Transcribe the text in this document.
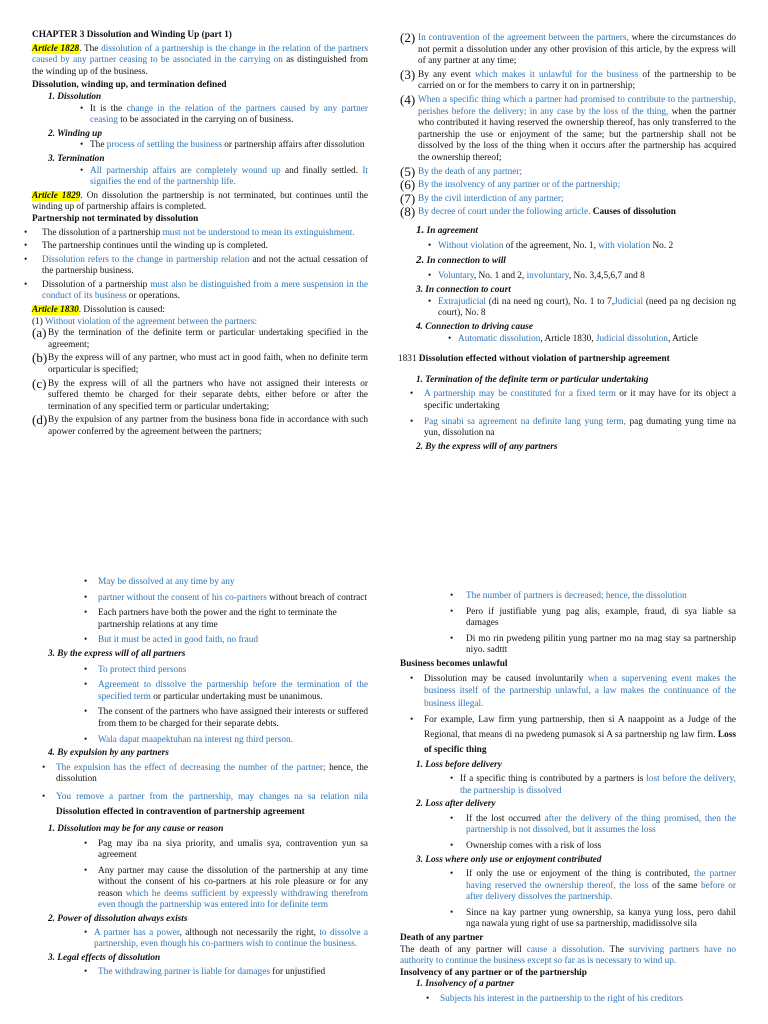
CHAPTER 3 Dissolution and Winding Up (part 1)

Article 1828. The dissolution of a partnership is the change in the relation of the partners caused by any partner ceasing to be associated in the carrying on as distinguished from the winding up of the business.

Dissolution, winding up, and termination defined

1. Dissolution

• It is the change in the relation of the partners caused by any partner ceasing to be associated in the carrying on of business.

2. Winding up

• The process of settling the business or partnership affairs after dissolution

3. Termination

• All partnership affairs are completely wound up and finally settled. It signifies the end of the partnership life.

Article 1829. On dissolution the partnership is not terminated, but continues until the winding up of partnership affairs is completed.

Partnership not terminated by dissolution

• The dissolution of a partnership must not be understood to mean its extinguishment.

• The partnership continues until the winding up is completed.

• Dissolution refers to the change in partnership relation and not the actual cessation of the partnership business.

• Dissolution of a partnership must also be distinguished from a mere suspension in the conduct of its business or operations.

Article 1830. Dissolution is caused:

(1) Without violation of the agreement between the partners:

(a) By the termination of the definite term or particular undertaking specified in the agreement;

(b) By the express will of any partner, who must act in good faith, when no definite term orparticular is specified;

(c) By the express will of all the partners who have not assigned their interests or suffered themto be charged for their separate debts, either before or after the termination of any specified term or particular undertaking;

(d) By the expulsion of any partner from the business bona fide in accordance with such apower conferred by the agreement between the partners;

(2) In contravention of the agreement between the partners, where the circumstances do not permit a dissolution under any other provision of this article, by the express will of any partner at any time;

(3) By any event which makes it unlawful for the business of the partnership to be carried on or for the members to carry it on in partnership;

(4) When a specific thing which a partner had promised to contribute to the partnership, perishes before the delivery; in any case by the loss of the thing, when the partner who contributed it having reserved the ownership thereof, has only transferred to the partnership the use or enjoyment of the same; but the partnership shall not be dissolved by the loss of the thing when it occurs after the partnership has acquired the ownership thereof;

(5) By the death of any partner;

(6) By the insolvency of any partner or of the partnership;

(7) By the civil interdiction of any partner;

(8) By decree of court under the following article. Causes of dissolution

1. In agreement

• Without violation of the agreement, No. 1, with violation No. 2

2. In connection to will

• Voluntary, No. 1 and 2, involuntary, No. 3,4,5,6,7 and 8

3. In connection to court

• Extrajudicial (di na need ng court), No. 1 to 7,Judicial (need pa ng decision ng court), No. 8

4. Connection to driving cause

• Automatic dissolution, Article 1830, Judicial dissolution, Article

1831 Dissolution effected without violation of partnership agreement

1. Termination of the definite term or particular undertaking

• A partnership may be constituted for a fixed term or it may have for its object a specific undertaking

• Pag sinabi sa agreement na definite lang yung term, pag dumating yung time na yun, dissolution na

2. By the express will of any partners

• May be dissolved at any time by any

• partner without the consent of his co-partners without breach of contract

• Each partners have both the power and the right to terminate the partnership relations at any time

• But it must be acted in good faith, no fraud

3. By the express will of all partners

• To protect third persons

• Agreement to dissolve the partnership before the termination of the specified term or particular undertaking must be unanimous.

• The consent of the partners who have assigned their interests or suffered from them to be charged for their separate debts.

• Wala dapat maapektuhan na interest ng third person.

4. By expulsion by any partners

• The expulsion has the effect of decreasing the number of the partner; hence, the dissolution

• You remove a partner from the partnership, may changes na sa relation nila Dissolution effected in contravention of partnership agreement

1. Dissolution may be for any cause or reason

• Pag may iba na siya priority, and umalis sya, contravention yun sa agreement

• Any partner may cause the dissolution of the partnership at any time without the consent of his co-partners at his role pleasure or for any reason which he deems sufficient by expressly withdrawing therefrom even though the partnership was entered into for definite term

2. Power of dissolution always exists

• A partner has a power, although not necessarily the right, to dissolve a partnership, even though his co-partners wish to continue the business.

3. Legal effects of dissolution

• The withdrawing partner is liable for damages for unjustified

• The number of partners is decreased; hence, the dissolution

• Pero if justifiable yung pag alis, example, fraud, di sya liable sa damages

• Di mo rin pwedeng pilitin yung partner mo na mag stay sa partnership niyo. sadttt

Business becomes unlawful

• Dissolution may be caused involuntarily when a supervening event makes the business itself of the partnership unlawful, a law makes the continuance of the business illegal.

• For example, Law firm yung partnership, then si A naappoint as a Judge of the Regional, that means di na pwedeng pumasok si A sa partnership ng law firm. Loss of specific thing

1. Loss before delivery

• If a specific thing is contributed by a partners is lost before the delivery, the partnership is dissolved

2. Loss after delivery

• If the lost occurred after the delivery of the thing promised, then the partnership is not dissolved, but it assumes the loss

• Ownership comes with a risk of loss

3. Loss where only use or enjoyment contributed

• If only the use or enjoyment of the thing is contributed, the partner having reserved the ownership thereof, the loss of the same before or after delivery dissolves the partnership.

• Since na kay partner yung ownership, sa kanya yung loss, pero dahil nga nawala yung right of use sa partnership, madidissolve sila

Death of any partner

The death of any partner will cause a dissolution. The surviving partners have no authority to continue the business except so far as is necessary to wind up.

Insolvency of any partner or of the partnership

1. Insolvency of a partner

• Subjects his interest in the partnership to the right of his creditors
